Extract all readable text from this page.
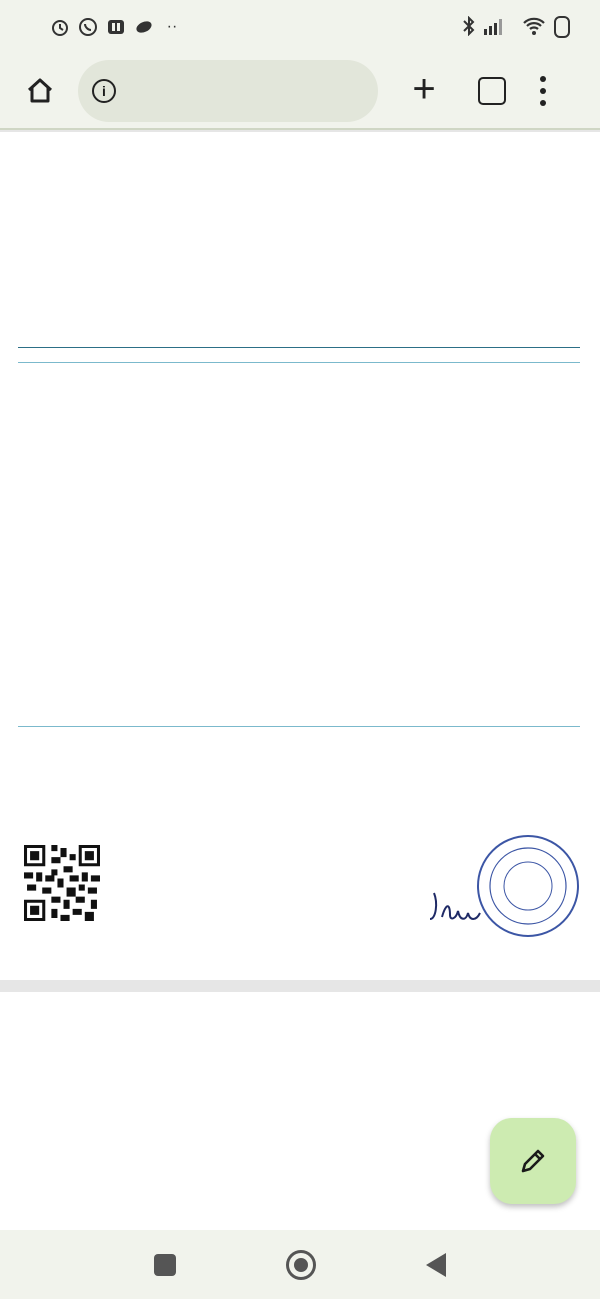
··
i	+
